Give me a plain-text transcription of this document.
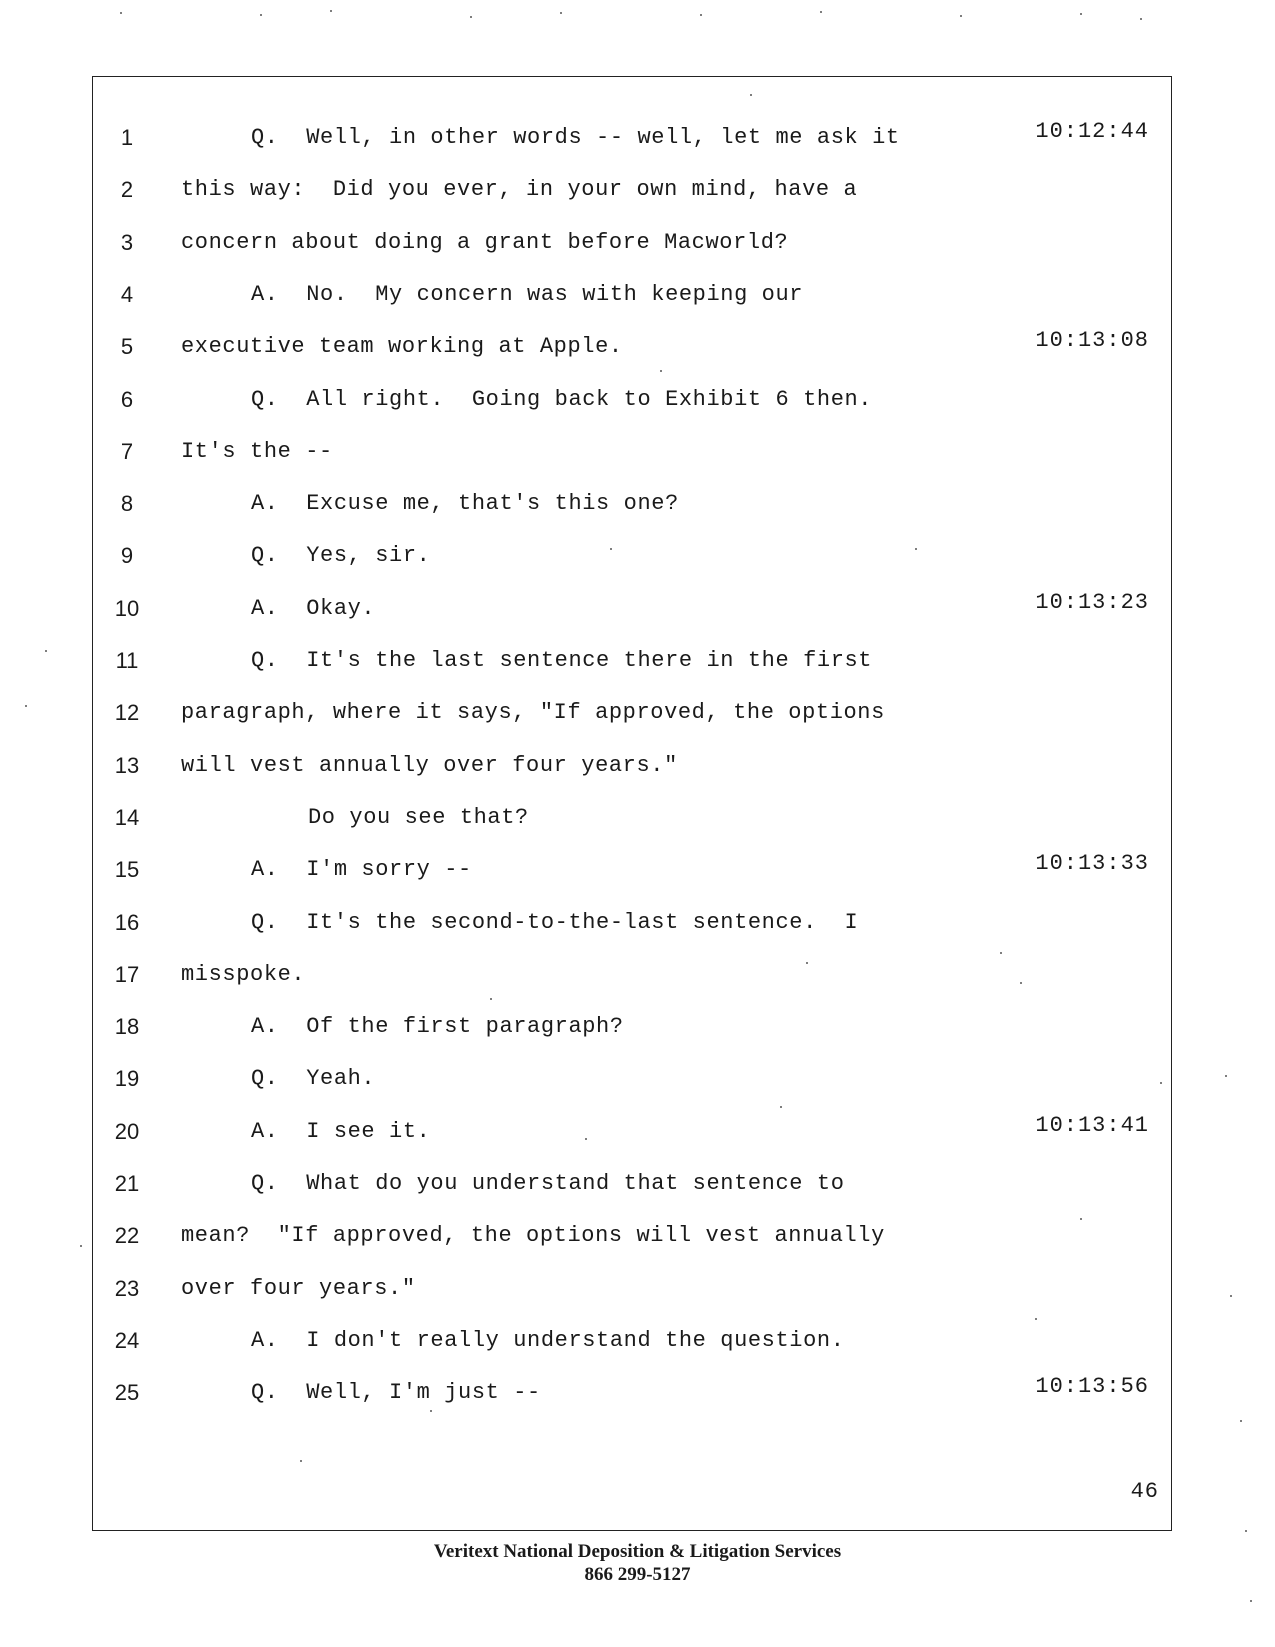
46
1	Q.  Well, in other words -- well, let me ask it	10:12:44
2	this way:  Did you ever, in your own mind, have a
3	concern about doing a grant before Macworld?
4	A.  No.  My concern was with keeping our
5	executive team working at Apple.	10:13:08
6	Q.  All right.  Going back to Exhibit 6 then.
7	It's the --
8	A.  Excuse me, that's this one?
9	Q.  Yes, sir.
10	A.  Okay.	10:13:23
11	Q.  It's the last sentence there in the first
12	paragraph, where it says, "If approved, the options
13	will vest annually over four years."
14	Do you see that?
15	A.  I'm sorry --	10:13:33
16	Q.  It's the second-to-the-last sentence.  I
17	misspoke.
18	A.  Of the first paragraph?
19	Q.  Yeah.
20	A.  I see it.	10:13:41
21	Q.  What do you understand that sentence to
22	mean?  "If approved, the options will vest annually
23	over four years."
24	A.  I don't really understand the question.
25	Q.  Well, I'm just --	10:13:56
Veritext National Deposition & Litigation Services
866 299-5127
